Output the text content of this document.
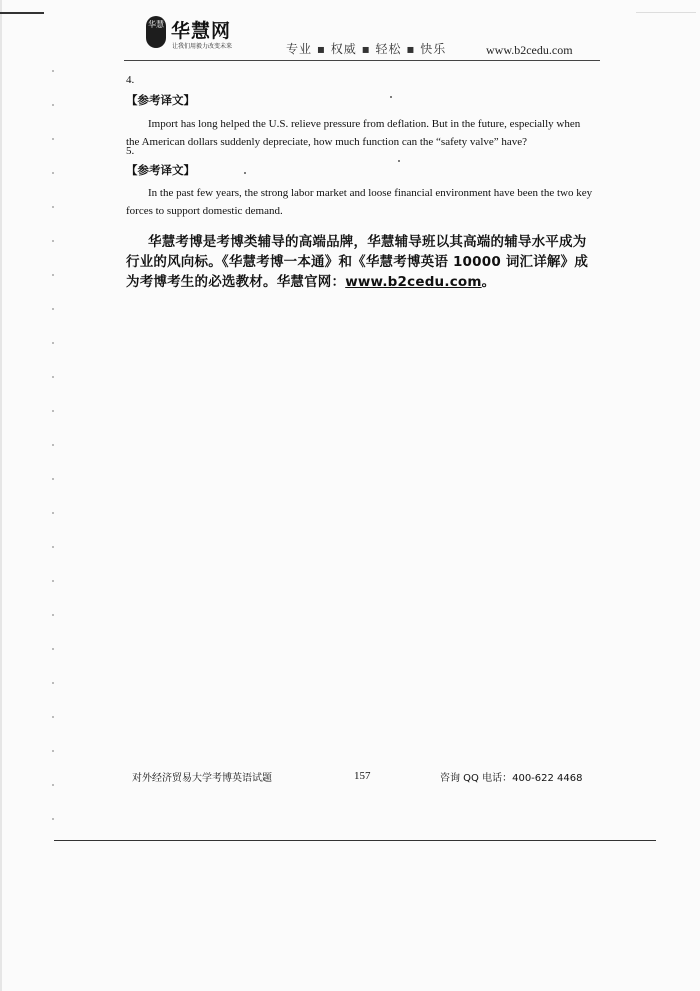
华慧 华慧网
让我们用毅力改变未来	专业 ▪ 权威 ▪ 轻松 ▪ 快乐	www.b2cedu.com
4.
【参考译文】
Import has long helped the U.S. relieve pressure from deflation. But in the future, especially when the American dollars suddenly depreciate, how much function can the “safety valve” have?
5.
【参考译文】
In the past few years, the strong labor market and loose financial environment have been the two key forces to support domestic demand.
华慧考博是考博类辅导的高端品牌，华慧辅导班以其高端的辅导水平成为行业的风向标。《华慧考博一本通》和《华慧考博英语 10000 词汇详解》成为考博考生的必选教材。华慧官网：www.b2cedu.com。
对外经济贸易大学考博英语试题	157	咨询 QQ 电话：400-622 4468
